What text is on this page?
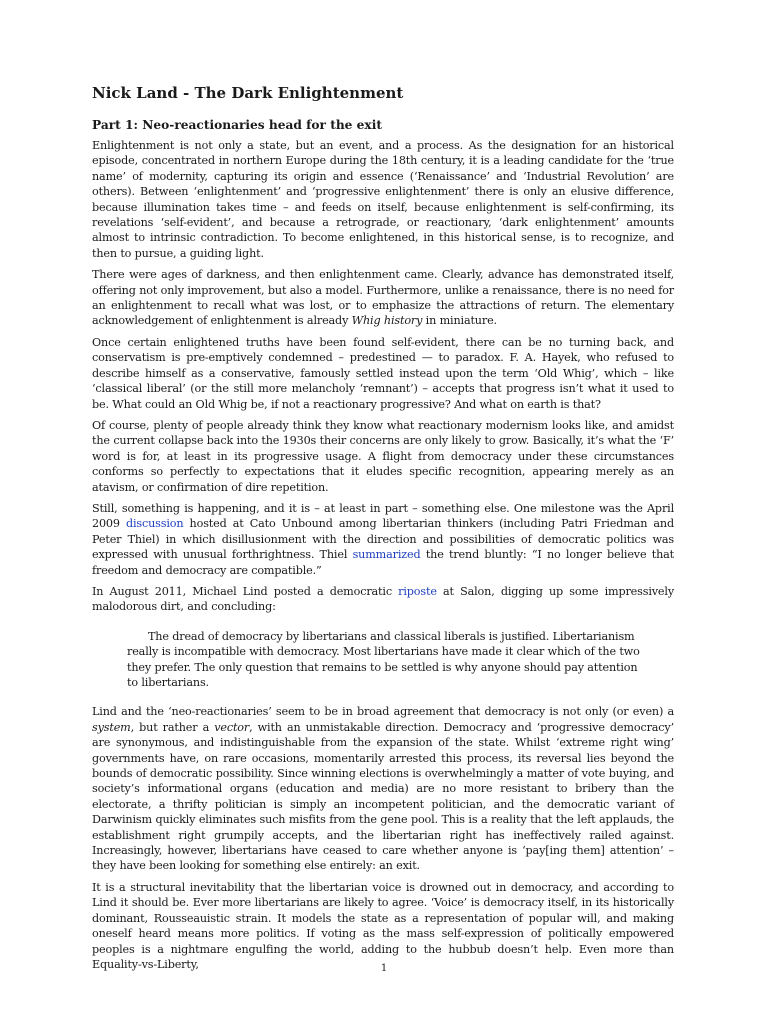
Nick Land - The Dark Enlightenment
Part 1: Neo-reactionaries head for the exit

Enlightenment is not only a state, but an event, and a process. As the designation for an historical episode, concentrated in northern Europe during the 18th century, it is a leading candidate for the ‘true name’ of modernity, capturing its origin and essence (‘Renaissance’ and ‘Industrial Revolution’ are others). Between ‘enlightenment’ and ‘progressive enlightenment’ there is only an elusive difference, because illumination takes time – and feeds on itself, because enlightenment is self-confirming, its revelations ‘self-evident’, and because a retrograde, or reactionary, ‘dark enlightenment’ amounts almost to intrinsic contradiction. To become enlightened, in this historical sense, is to recognize, and then to pursue, a guiding light.

There were ages of darkness, and then enlightenment came. Clearly, advance has demonstrated itself, offering not only improvement, but also a model. Furthermore, unlike a renaissance, there is no need for an enlightenment to recall what was lost, or to emphasize the attractions of return. The elementary acknowledgement of enlightenment is already Whig history in miniature.

Once certain enlightened truths have been found self-evident, there can be no turning back, and conservatism is pre-emptively condemned – predestined — to paradox. F. A. Hayek, who refused to describe himself as a conservative, famously settled instead upon the term ‘Old Whig’, which – like ‘classical liberal’ (or the still more melancholy ‘remnant’) – accepts that progress isn’t what it used to be. What could an Old Whig be, if not a reactionary progressive? And what on earth is that?

Of course, plenty of people already think they know what reactionary modernism looks like, and amidst the current collapse back into the 1930s their concerns are only likely to grow. Basically, it’s what the ‘F’ word is for, at least in its progressive usage. A flight from democracy under these circumstances conforms so perfectly to expectations that it eludes specific recognition, appearing merely as an atavism, or confirmation of dire repetition.

Still, something is happening, and it is – at least in part – something else. One milestone was the April 2009 discussion hosted at Cato Unbound among libertarian thinkers (including Patri Friedman and Peter Thiel) in which disillusionment with the direction and possibilities of democratic politics was expressed with unusual forthrightness. Thiel summarized the trend bluntly: “I no longer believe that freedom and democracy are compatible.”

In August 2011, Michael Lind posted a democratic riposte at Salon, digging up some impressively malodorous dirt, and concluding:

The dread of democracy by libertarians and classical liberals is justified. Libertarianism really is incompatible with democracy. Most libertarians have made it clear which of the two they prefer. The only question that remains to be settled is why anyone should pay attention to libertarians.

Lind and the ‘neo-reactionaries’ seem to be in broad agreement that democracy is not only (or even) a system, but rather a vector, with an unmistakable direction. Democracy and ‘progressive democracy’ are synonymous, and indistinguishable from the expansion of the state. Whilst ‘extreme right wing’ governments have, on rare occasions, momentarily arrested this process, its reversal lies beyond the bounds of democratic possibility. Since winning elections is overwhelmingly a matter of vote buying, and society’s informational organs (education and media) are no more resistant to bribery than the electorate, a thrifty politician is simply an incompetent politician, and the democratic variant of Darwinism quickly eliminates such misfits from the gene pool. This is a reality that the left applauds, the establishment right grumpily accepts, and the libertarian right has ineffectively railed against. Increasingly, however, libertarians have ceased to care whether anyone is ‘pay[ing them] attention’ – they have been looking for something else entirely: an exit.

It is a structural inevitability that the libertarian voice is drowned out in democracy, and according to Lind it should be. Ever more libertarians are likely to agree. ‘Voice’ is democracy itself, in its historically dominant, Rousseauistic strain. It models the state as a representation of popular will, and making oneself heard means more politics. If voting as the mass self-expression of politically empowered peoples is a nightmare engulfing the world, adding to the hubbub doesn’t help. Even more than Equality-vs-Liberty,	1
